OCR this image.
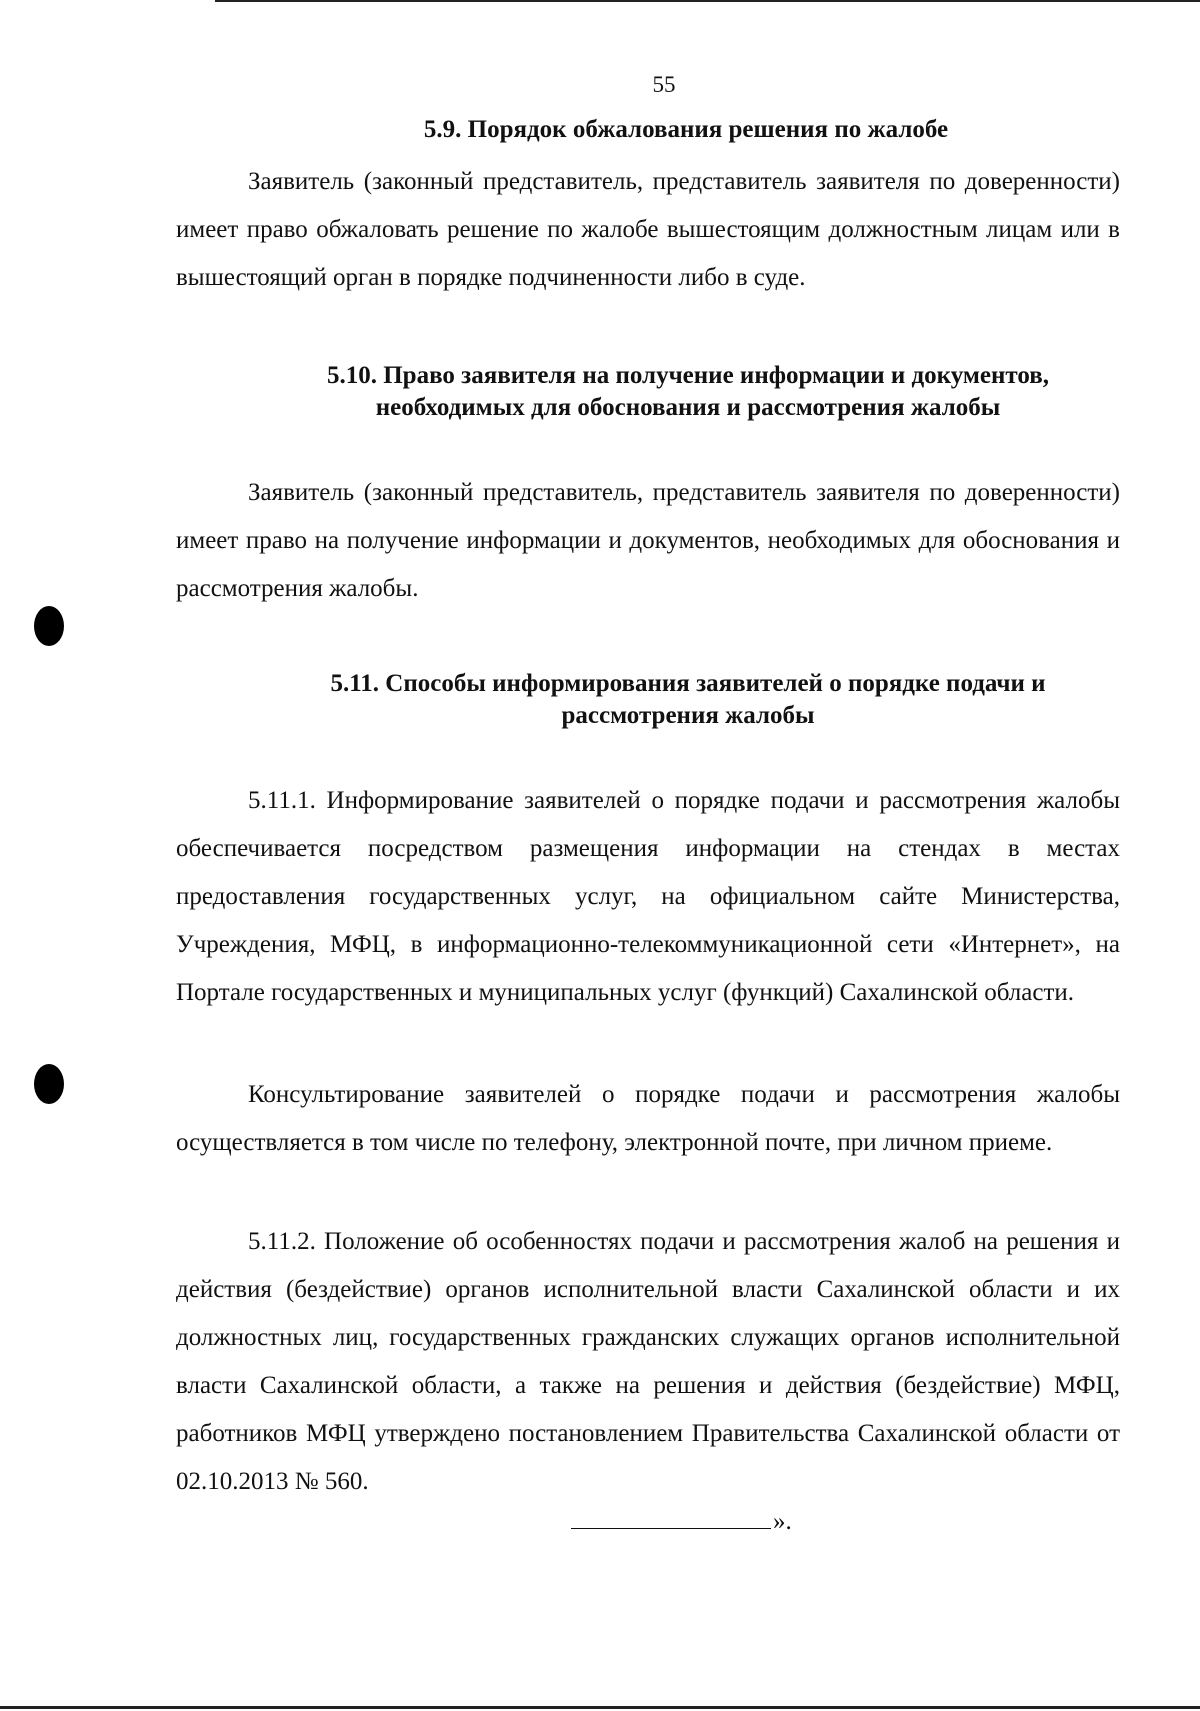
55
5.9. Порядок обжалования решения по жалобе

Заявитель (законный представитель, представитель заявителя по доверенности) имеет право обжаловать решение по жалобе вышестоящим должностным лицам или в вышестоящий орган в порядке подчиненности либо в суде.

5.10. Право заявителя на получение информации и документов,
необходимых для обоснования и рассмотрения жалобы

Заявитель (законный представитель, представитель заявителя по доверенности) имеет право на получение информации и документов, необходимых для обоснования и рассмотрения жалобы.

5.11. Способы информирования заявителей о порядке подачи и
рассмотрения жалобы

5.11.1. Информирование заявителей о порядке подачи и рассмотрения жалобы обеспечивается посредством размещения информации на стендах в местах предоставления государственных услуг, на официальном сайте Министерства, Учреждения, МФЦ, в информационно-телекоммуникационной сети «Интернет», на Портале государственных и муниципальных услуг (функций) Сахалинской области.

Консультирование заявителей о порядке подачи и рассмотрения жалобы осуществляется в том числе по телефону, электронной почте, при личном приеме.

5.11.2. Положение об особенностях подачи и рассмотрения жалоб на решения и действия (бездействие) органов исполнительной власти Сахалинской области и их должностных лиц, государственных гражданских служащих органов исполнительной власти Сахалинской области, а также на решения и действия (бездействие) МФЦ, работников МФЦ утверждено постановлением Правительства Сахалинской области от 02.10.2013 № 560.

».
